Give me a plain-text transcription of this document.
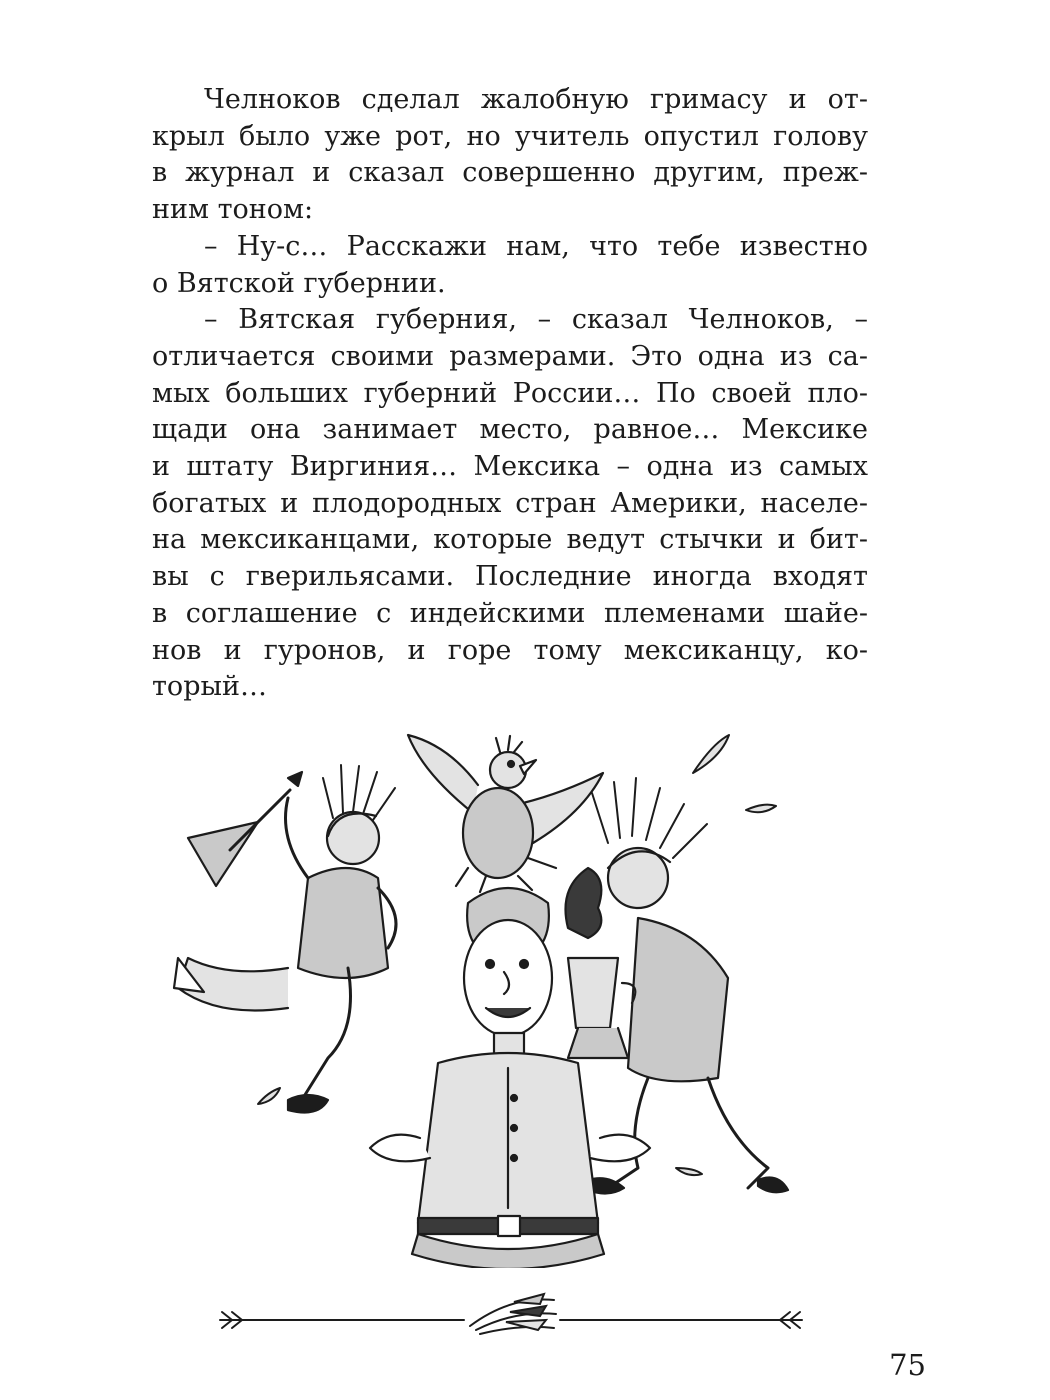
Челноков сделал жалобную гримасу и от-
крыл было уже рот, но учитель опустил голову
в журнал и сказал совершенно другим, преж-
ним тоном:
– Ну-с… Расскажи нам, что тебе известно
о Вятской губернии.
– Вятская губерния, – сказал Челноков, –
отличается своими размерами. Это одна из са-
мых больших губерний России… По своей пло-
щади она занимает место, равное… Мексике
и штату Виргиния… Мексика – одна из самых
богатых и плодородных стран Америки, населе-
на мексиканцами, которые ведут стычки и бит-
вы с гверильясами. Последние иногда входят
в соглашение с индейскими племенами шайе-
нов и гуронов, и горе тому мексиканцу, ко-
торый…
75
